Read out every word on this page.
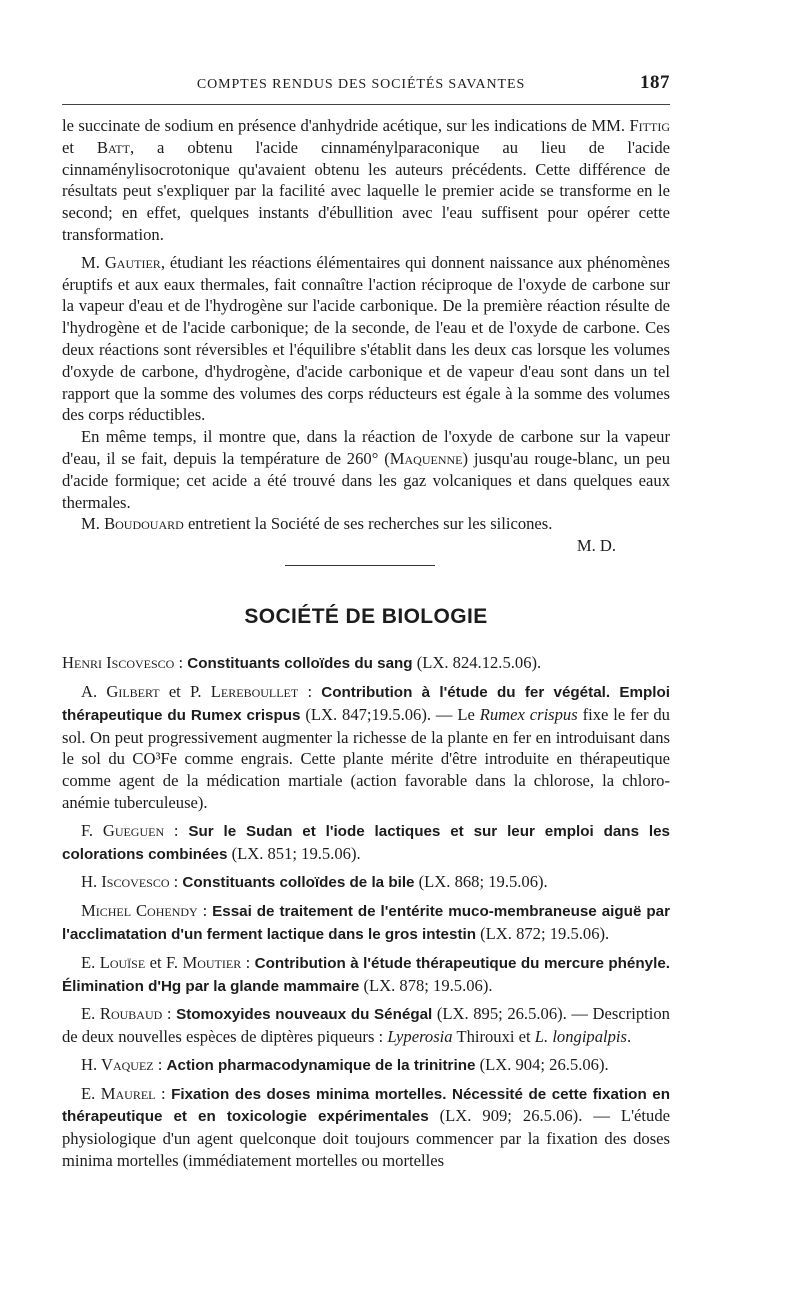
COMPTES RENDUS DES SOCIÉTÉS SAVANTES	187

le succinate de sodium en présence d'anhydride acétique, sur les indications de MM. Fittig et Batt, a obtenu l'acide cinnaménylparaconique au lieu de l'acide cinnaménylisocrotonique qu'avaient obtenu les auteurs précédents. Cette différence de résultats peut s'expliquer par la facilité avec laquelle le premier acide se transforme en le second; en effet, quelques instants d'ébullition avec l'eau suffisent pour opérer cette transformation.

M. Gautier, étudiant les réactions élémentaires qui donnent naissance aux phénomènes éruptifs et aux eaux thermales, fait connaître l'action réciproque de l'oxyde de carbone sur la vapeur d'eau et de l'hydrogène sur l'acide carbonique. De la première réaction résulte de l'hydrogène et de l'acide carbonique; de la seconde, de l'eau et de l'oxyde de carbone. Ces deux réactions sont réversibles et l'équilibre s'établit dans les deux cas lorsque les volumes d'oxyde de carbone, d'hydrogène, d'acide carbonique et de vapeur d'eau sont dans un tel rapport que la somme des volumes des corps réducteurs est égale à la somme des volumes des corps réductibles.

En même temps, il montre que, dans la réaction de l'oxyde de carbone sur la vapeur d'eau, il se fait, depuis la température de 260° (Maquenne) jusqu'au rouge-blanc, un peu d'acide formique; cet acide a été trouvé dans les gaz volcaniques et dans quelques eaux thermales.

M. Boudouard entretient la Société de ses recherches sur les silicones.

M. D.

SOCIÉTÉ DE BIOLOGIE

Henri Iscovesco : Constituants colloïdes du sang (LX. 824.12.5.06).

A. Gilbert et P. Lereboullet : Contribution à l'étude du fer végétal. Emploi thérapeutique du Rumex crispus (LX. 847;19.5.06). — Le Rumex crispus fixe le fer du sol. On peut progressivement augmenter la richesse de la plante en fer en introduisant dans le sol du CO³Fe comme engrais. Cette plante mérite d'être introduite en thérapeutique comme agent de la médication martiale (action favorable dans la chlorose, la chloro-anémie tuberculeuse).

F. Gueguen : Sur le Sudan et l'iode lactiques et sur leur emploi dans les colorations combinées (LX. 851; 19.5.06).

H. Iscovesco : Constituants colloïdes de la bile (LX. 868; 19.5.06).

Michel Cohendy : Essai de traitement de l'entérite muco-membraneuse aiguë par l'acclimatation d'un ferment lactique dans le gros intestin (LX. 872; 19.5.06).

E. Louïse et F. Moutier : Contribution à l'étude thérapeutique du mercure phényle. Élimination d'Hg par la glande mammaire (LX. 878; 19.5.06).

E. Roubaud : Stomoxyides nouveaux du Sénégal (LX. 895; 26.5.06). — Description de deux nouvelles espèces de diptères piqueurs : Lyperosia Thirouxi et L. longipalpis.

H. Vaquez : Action pharmacodynamique de la trinitrine (LX. 904; 26.5.06).

E. Maurel : Fixation des doses minima mortelles. Nécessité de cette fixation en thérapeutique et en toxicologie expérimentales (LX. 909; 26.5.06). — L'étude physiologique d'un agent quelconque doit toujours commencer par la fixation des doses minima mortelles (immédiatement mortelles ou mortelles
